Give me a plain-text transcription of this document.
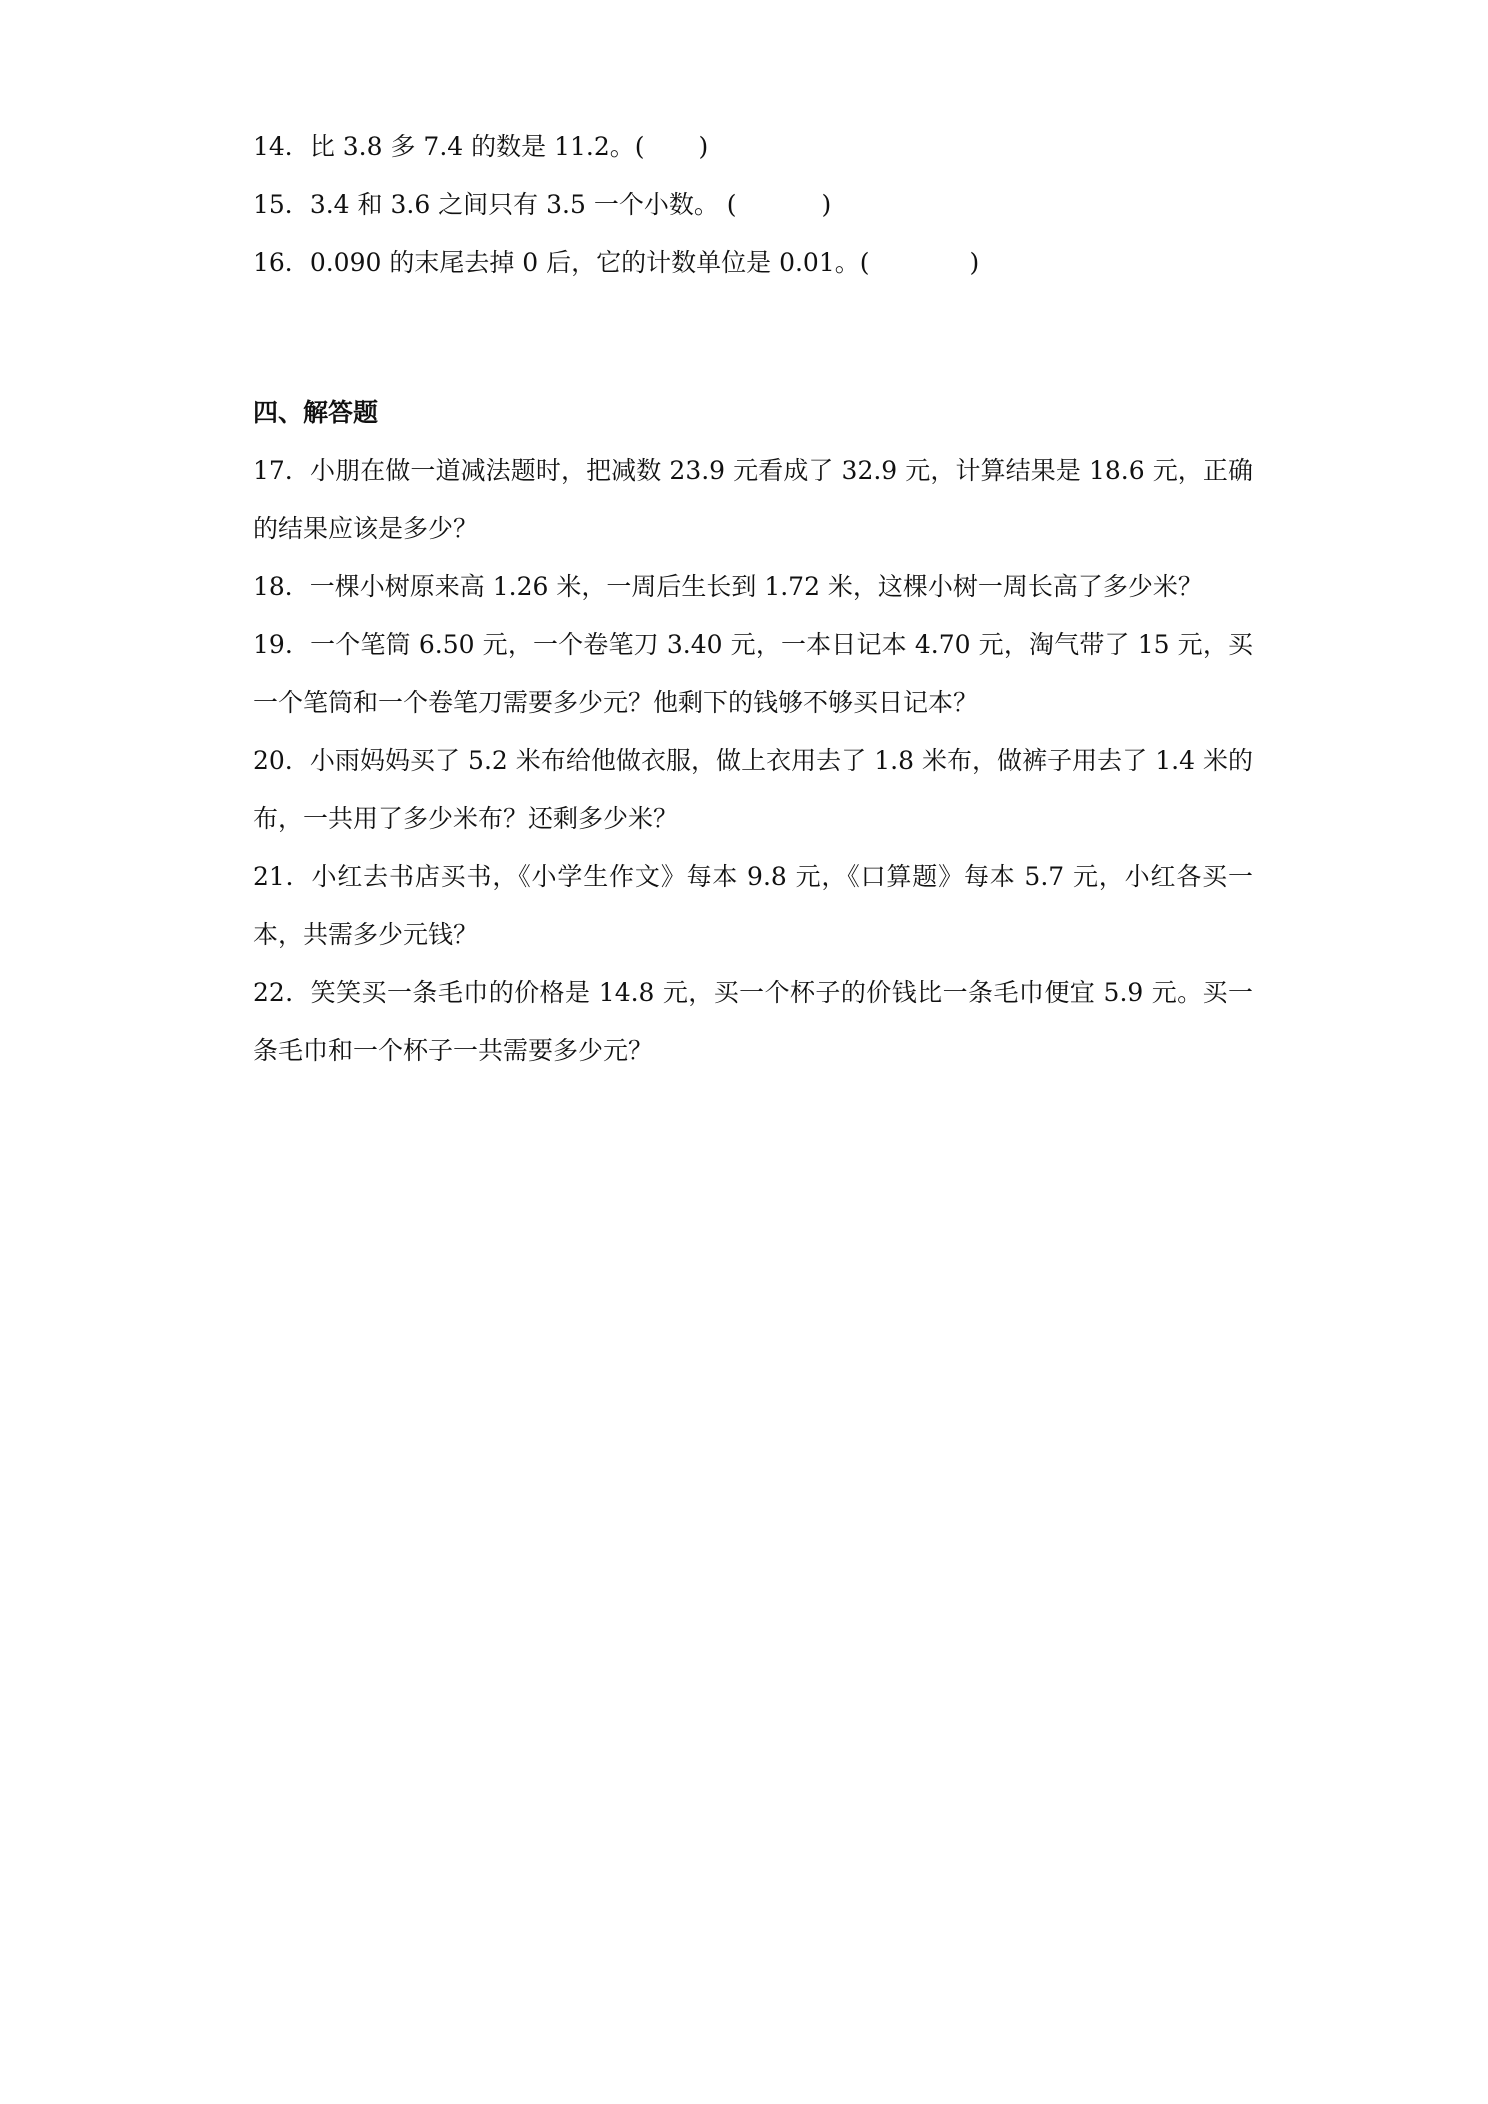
14．比 3.8 多 7.4 的数是 11.2。( )
15．3.4 和 3.6 之间只有 3.5 一个小数。 (	)
16．0.090 的末尾去掉 0 后，它的计数单位是 0.01。(	)
四、解答题
17．小朋在做一道减法题时，把减数 23.9 元看成了 32.9 元，计算结果是 18.6 元，正确的结果应该是多少？
18．一棵小树原来高 1.26 米，一周后生长到 1.72 米，这棵小树一周长高了多少米？
19．一个笔筒 6.50 元，一个卷笔刀 3.40 元，一本日记本 4.70 元，淘气带了 15 元，买一个笔筒和一个卷笔刀需要多少元？他剩下的钱够不够买日记本？
20．小雨妈妈买了 5.2 米布给他做衣服，做上衣用去了 1.8 米布，做裤子用去了 1.4 米的布，一共用了多少米布？还剩多少米？
21．小红去书店买书，《小学生作文》每本 9.8 元，《口算题》每本 5.7 元，小红各买一本，共需多少元钱？
22．笑笑买一条毛巾的价格是 14.8 元，买一个杯子的价钱比一条毛巾便宜 5.9 元。买一条毛巾和一个杯子一共需要多少元？
